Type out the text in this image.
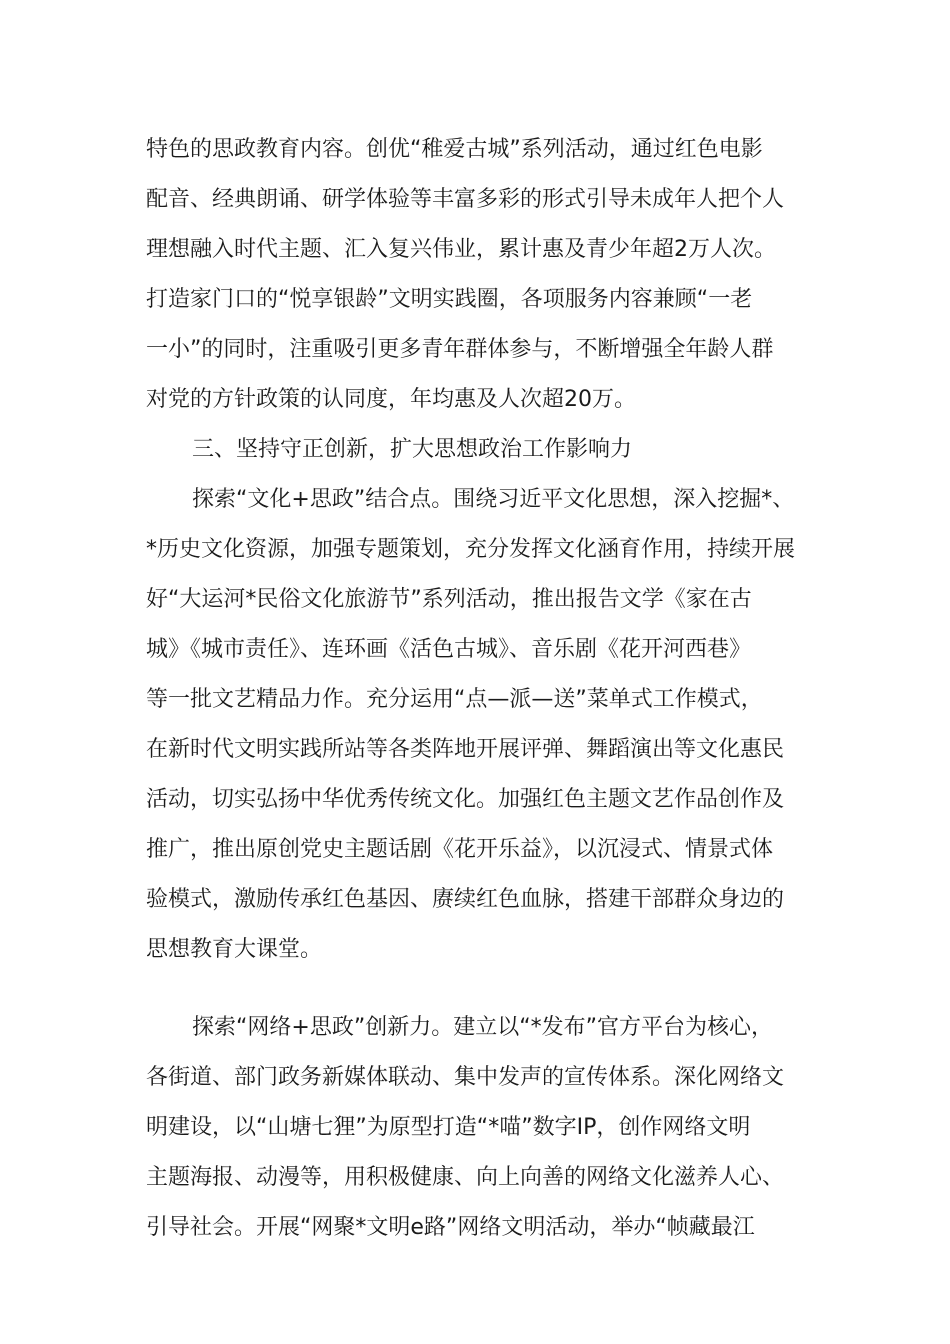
特色的思政教育内容。创优“稚爱古城”系列活动，通过红色电影
配音、经典朗诵、研学体验等丰富多彩的形式引导未成年人把个人
理想融入时代主题、汇入复兴伟业，累计惠及青少年超2万人次。
打造家门口的“悦享银龄”文明实践圈，各项服务内容兼顾“一老
一小”的同时，注重吸引更多青年群体参与，不断增强全年龄人群
对党的方针政策的认同度，年均惠及人次超20万。
三、坚持守正创新，扩大思想政治工作影响力
探索“文化+思政”结合点。围绕习近平文化思想，深入挖掘*、
*历史文化资源，加强专题策划，充分发挥文化涵育作用，持续开展
好“大运河*民俗文化旅游节”系列活动，推出报告文学《家在古
城》《城市责任》、连环画《活色古城》、音乐剧《花开河西巷》
等一批文艺精品力作。充分运用“点—派—送”菜单式工作模式，
在新时代文明实践所站等各类阵地开展评弹、舞蹈演出等文化惠民
活动，切实弘扬中华优秀传统文化。加强红色主题文艺作品创作及
推广，推出原创党史主题话剧《花开乐益》，以沉浸式、情景式体
验模式，激励传承红色基因、赓续红色血脉，搭建干部群众身边的
思想教育大课堂。
探索“网络+思政”创新力。建立以“*发布”官方平台为核心，
各街道、部门政务新媒体联动、集中发声的宣传体系。深化网络文
明建设，以“山塘七狸”为原型打造“*喵”数字IP，创作网络文明
主题海报、动漫等，用积极健康、向上向善的网络文化滋养人心、
引导社会。开展“网聚*文明e路”网络文明活动，举办“帧藏最江
